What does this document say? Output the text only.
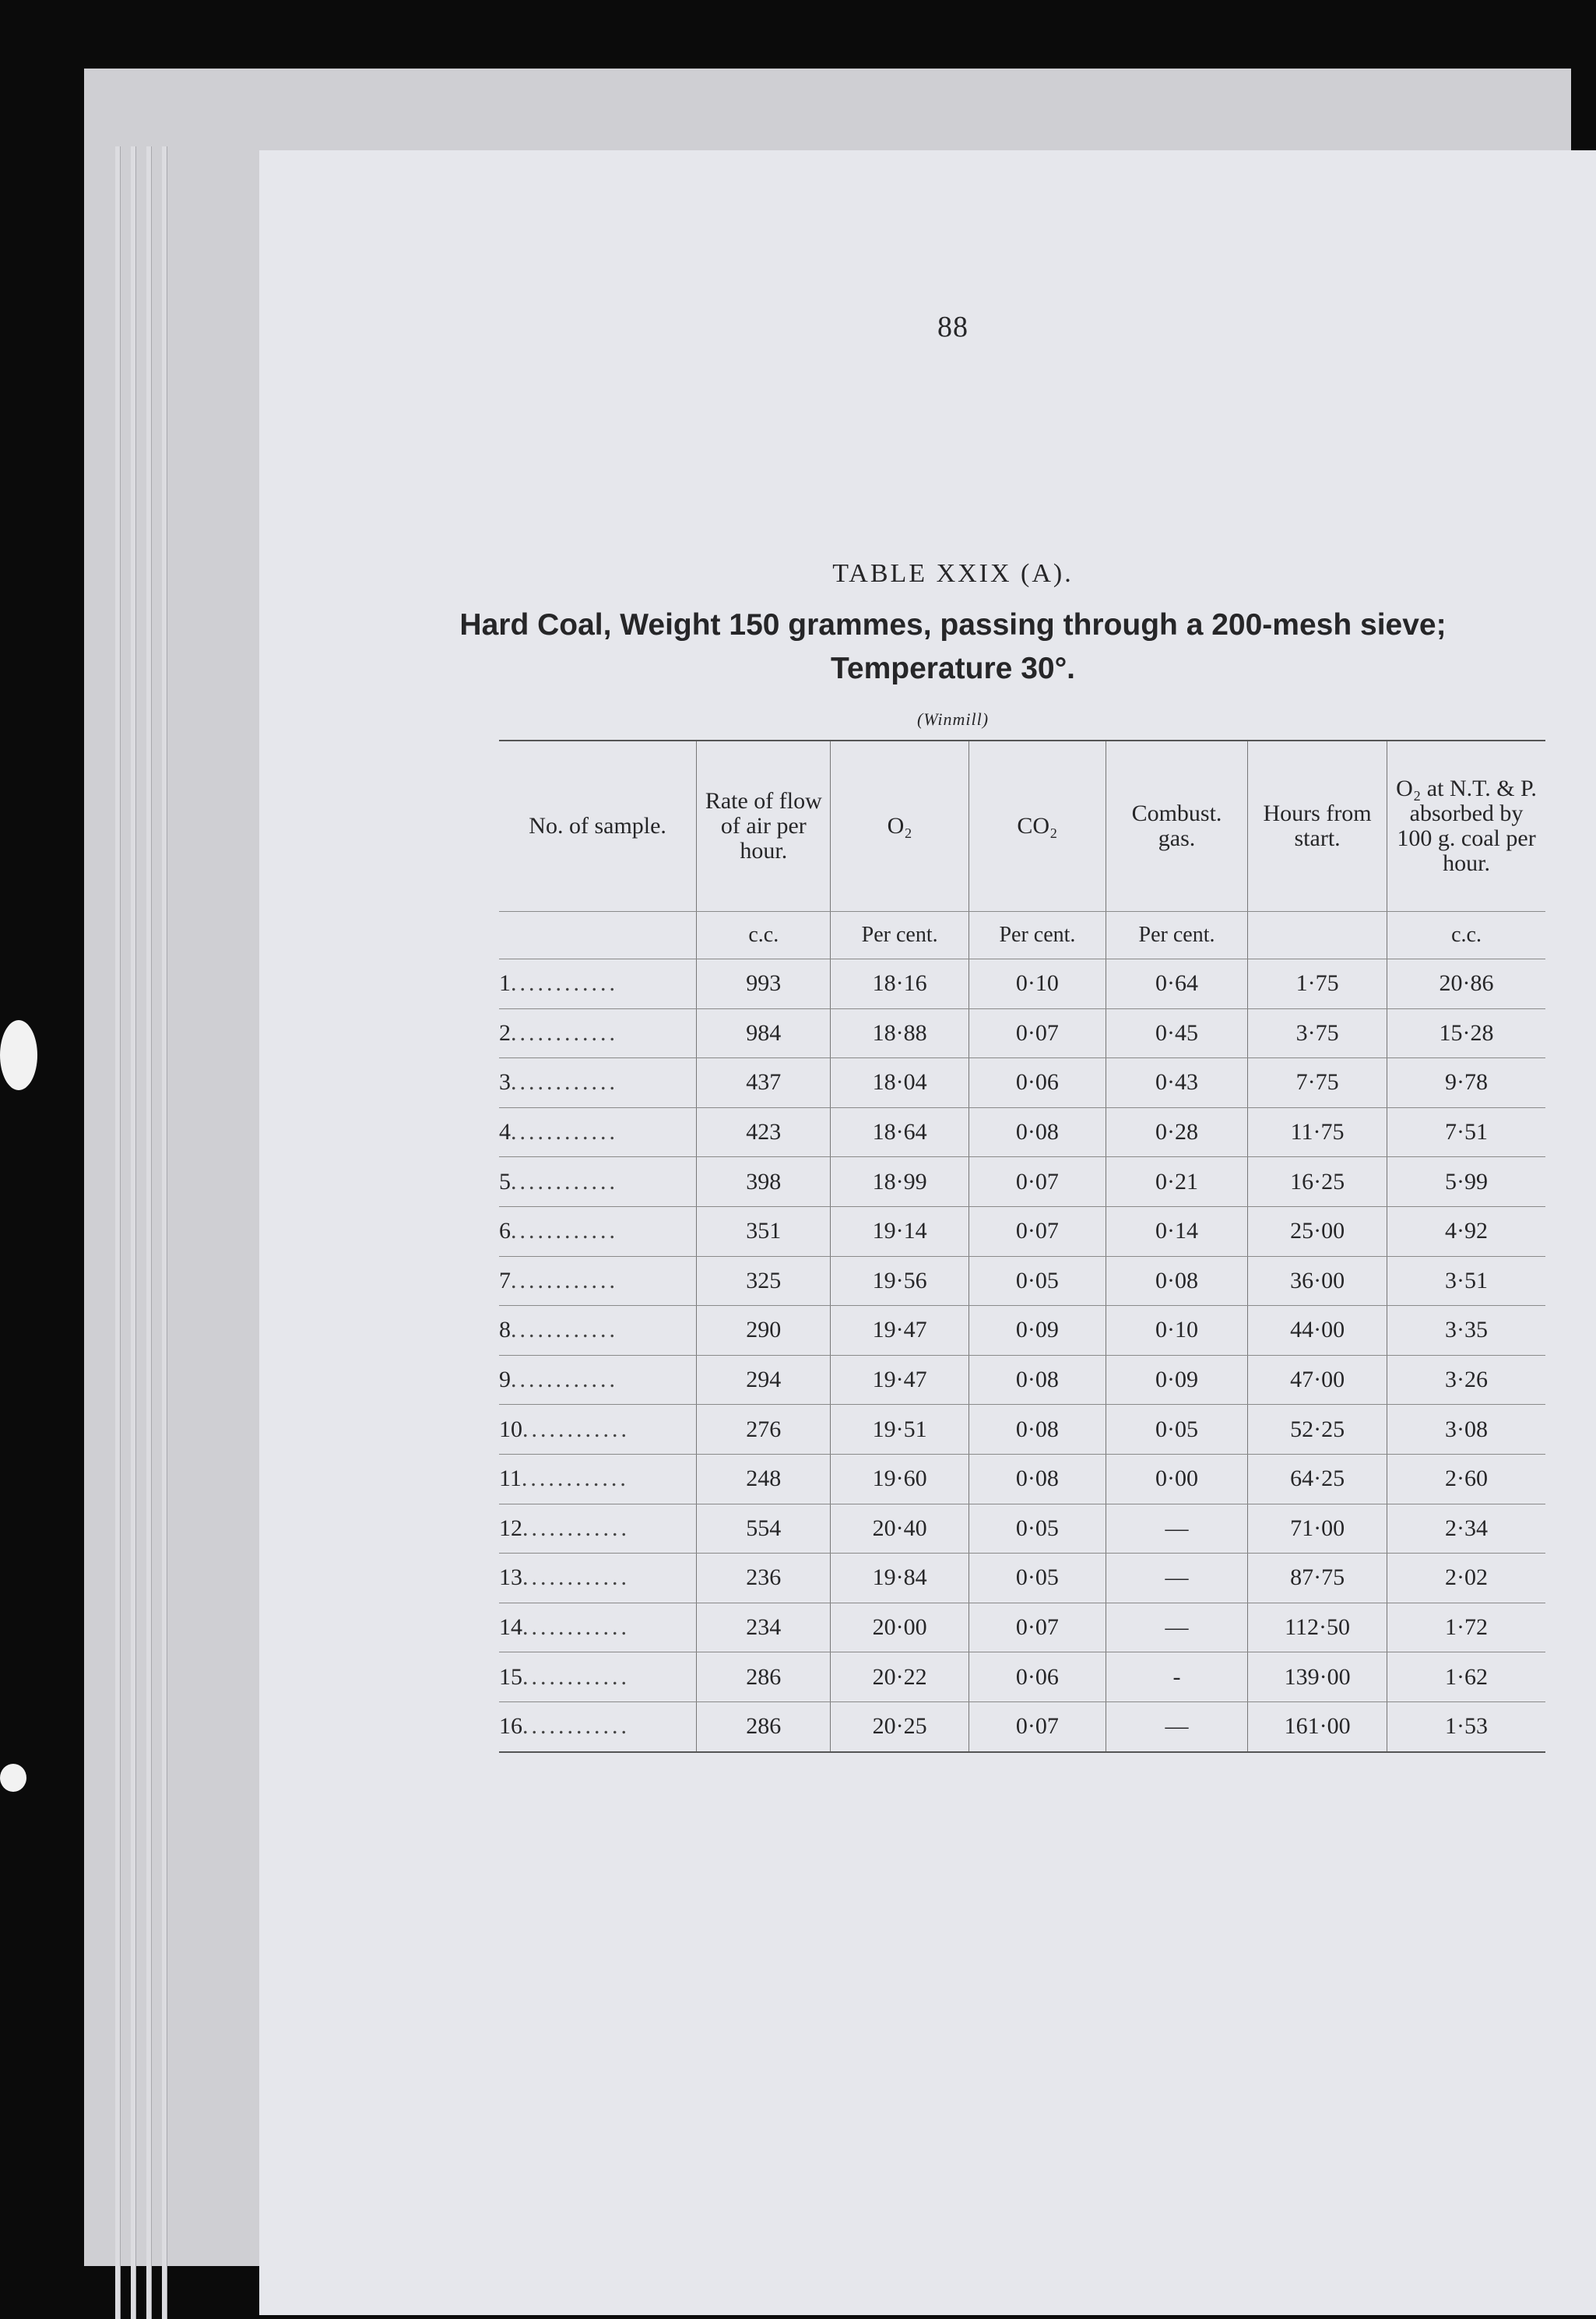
88
TABLE XXIX (A).
Hard Coal, Weight 150 grammes, passing through a 200-mesh sieve;
Temperature 30°.
(Winmill)
No. of sample.	Rate of flow of air per hour.	O₂	CO₂	Combust. gas.	Hours from start.	O₂ at N.T. & P. absorbed by 100 g. coal per hour.
	c.c.	Per cent.	Per cent.	Per cent.		c.c.
1............	993	18·16	0·10	0·64	1·75	20·86
2............	984	18·88	0·07	0·45	3·75	15·28
3............	437	18·04	0·06	0·43	7·75	9·78
4............	423	18·64	0·08	0·28	11·75	7·51
5............	398	18·99	0·07	0·21	16·25	5·99
6............	351	19·14	0·07	0·14	25·00	4·92
7............	325	19·56	0·05	0·08	36·00	3·51
8............	290	19·47	0·09	0·10	44·00	3·35
9............	294	19·47	0·08	0·09	47·00	3·26
10............	276	19·51	0·08	0·05	52·25	3·08
11............	248	19·60	0·08	0·00	64·25	2·60
12............	554	20·40	0·05	—	71·00	2·34
13............	236	19·84	0·05	—	87·75	2·02
14............	234	20·00	0·07	—	112·50	1·72
15............	286	20·22	0·06	-	139·00	1·62
16............	286	20·25	0·07	—	161·00	1·53
